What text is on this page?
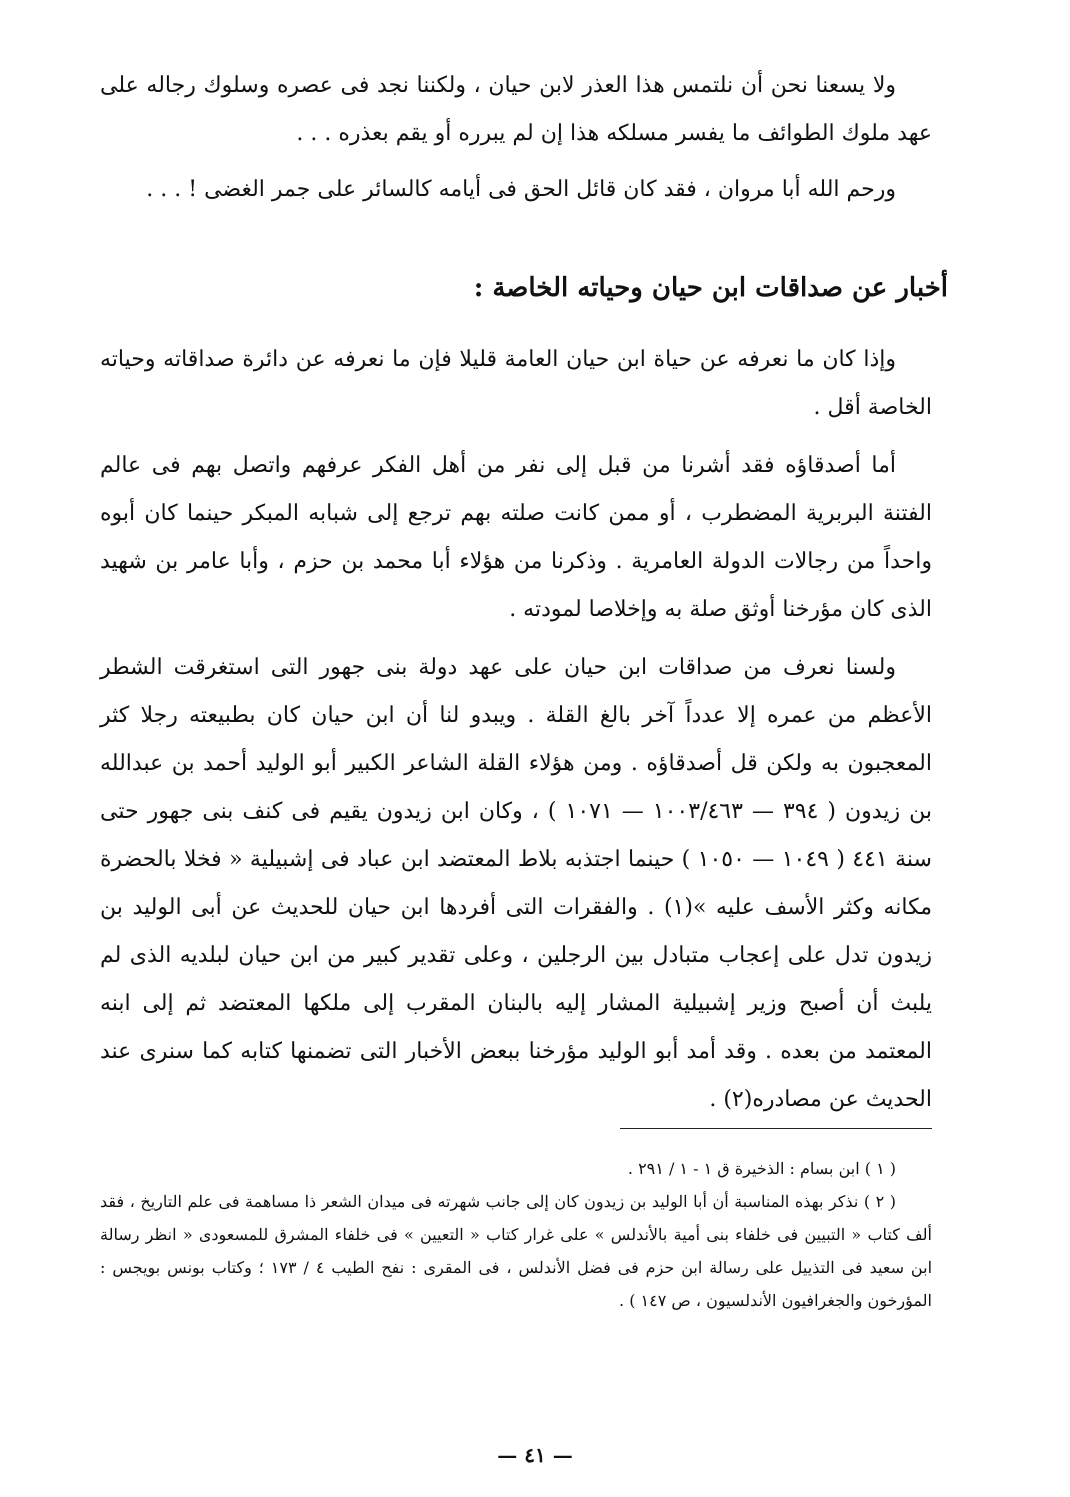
ولا يسعنا نحن أن نلتمس هذا العذر لابن حيان ، ولكننا نجد فى عصره وسلوك رجاله على عهد ملوك الطوائف ما يفسر مسلكه هذا إن لم يبرره أو يقم بعذره . . .

ورحم الله أبا مروان ، فقد كان قائل الحق فى أيامه كالسائر على جمر الغضى ! . . .

أخبار عن صداقات ابن حيان وحياته الخاصة :

وإذا كان ما نعرفه عن حياة ابن حيان العامة قليلا فإن ما نعرفه عن دائرة صداقاته وحياته الخاصة أقل .

أما أصدقاؤه فقد أشرنا من قبل إلى نفر من أهل الفكر عرفهم واتصل بهم فى عالم الفتنة البربرية المضطرب ، أو ممن كانت صلته بهم ترجع إلى شبابه المبكر حينما كان أبوه واحداً من رجالات الدولة العامرية . وذكرنا من هؤلاء أبا محمد بن حزم ، وأبا عامر بن شهيد الذى كان مؤرخنا أوثق صلة به وإخلاصا لمودته .

ولسنا نعرف من صداقات ابن حيان على عهد دولة بنى جهور التى استغرقت الشطر الأعظم من عمره إلا عدداً آخر بالغ القلة . ويبدو لنا أن ابن حيان كان بطبيعته رجلا كثر المعجبون به ولكن قل أصدقاؤه . ومن هؤلاء القلة الشاعر الكبير أبو الوليد أحمد بن عبدالله بن زيدون ( ٣٩٤ — ١٠٠٣/٤٦٣ — ١٠٧١ ) ، وكان ابن زيدون يقيم فى كنف بنى جهور حتى سنة ٤٤١ ( ١٠٤٩ — ١٠٥٠ ) حينما اجتذبه بلاط المعتضد ابن عباد فى إشبيلية « فخلا بالحضرة مكانه وكثر الأسف عليه »(١) . والفقرات التى أفردها ابن حيان للحديث عن أبى الوليد بن زيدون تدل على إعجاب متبادل بين الرجلين ، وعلى تقدير كبير من ابن حيان لبلديه الذى لم يلبث أن أصبح وزير إشبيلية المشار إليه بالبنان المقرب إلى ملكها المعتضد ثم إلى ابنه المعتمد من بعده . وقد أمد أبو الوليد مؤرخنا ببعض الأخبار التى تضمنها كتابه كما سنرى عند الحديث عن مصادره(٢) .

( ١ ) ابن بسام : الذخيرة ق ١ - ١ / ٢٩١ .

( ٢ ) نذكر بهذه المناسبة أن أبا الوليد بن زيدون كان إلى جانب شهرته فى ميدان الشعر ذا مساهمة فى علم التاريخ ، فقد ألف كتاب « التبيين فى خلفاء بنى أمية بالأندلس » على غرار كتاب « التعيين » فى خلفاء المشرق للمسعودى « انظر رسالة ابن سعيد فى التذييل على رسالة ابن حزم فى فضل الأندلس ، فى المقرى : نفح الطيب ٤ / ١٧٣ ؛ وكتاب بونس بويجس : المؤرخون والجغرافيون الأندلسيون ، ص ١٤٧ ) .

— ٤١ —
